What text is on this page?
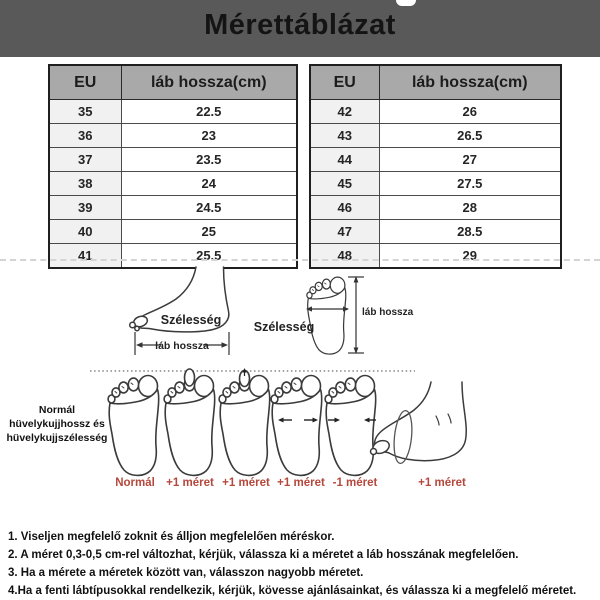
Mérettáblázat
EU	láb hossza(cm)
35	22.5
36	23
37	23.5
38	24
39	24.5
40	25
41	25.5
EU	láb hossza(cm)
42	26
43	26.5
44	27
45	27.5
46	28
47	28.5
48	29
Szélesség
láb hossza
Szélesség
láb hossza
Normál
hüvelykujjhossz és
hüvelykujjszélesség
Normál +1 méret +1 méret +1 méret -1 méret	+1 méret
1. Viseljen megfelelő zoknit és álljon megfelelően méréskor.
2. A méret 0,3-0,5 cm-rel változhat, kérjük, válassza ki a méretet a láb hosszának megfelelően.
3. Ha a mérete a méretek között van, válasszon nagyobb méretet.
4.Ha a fenti lábtípusokkal rendelkezik, kérjük, kövesse ajánlásainkat, és válassza ki a megfelelő méretet.
